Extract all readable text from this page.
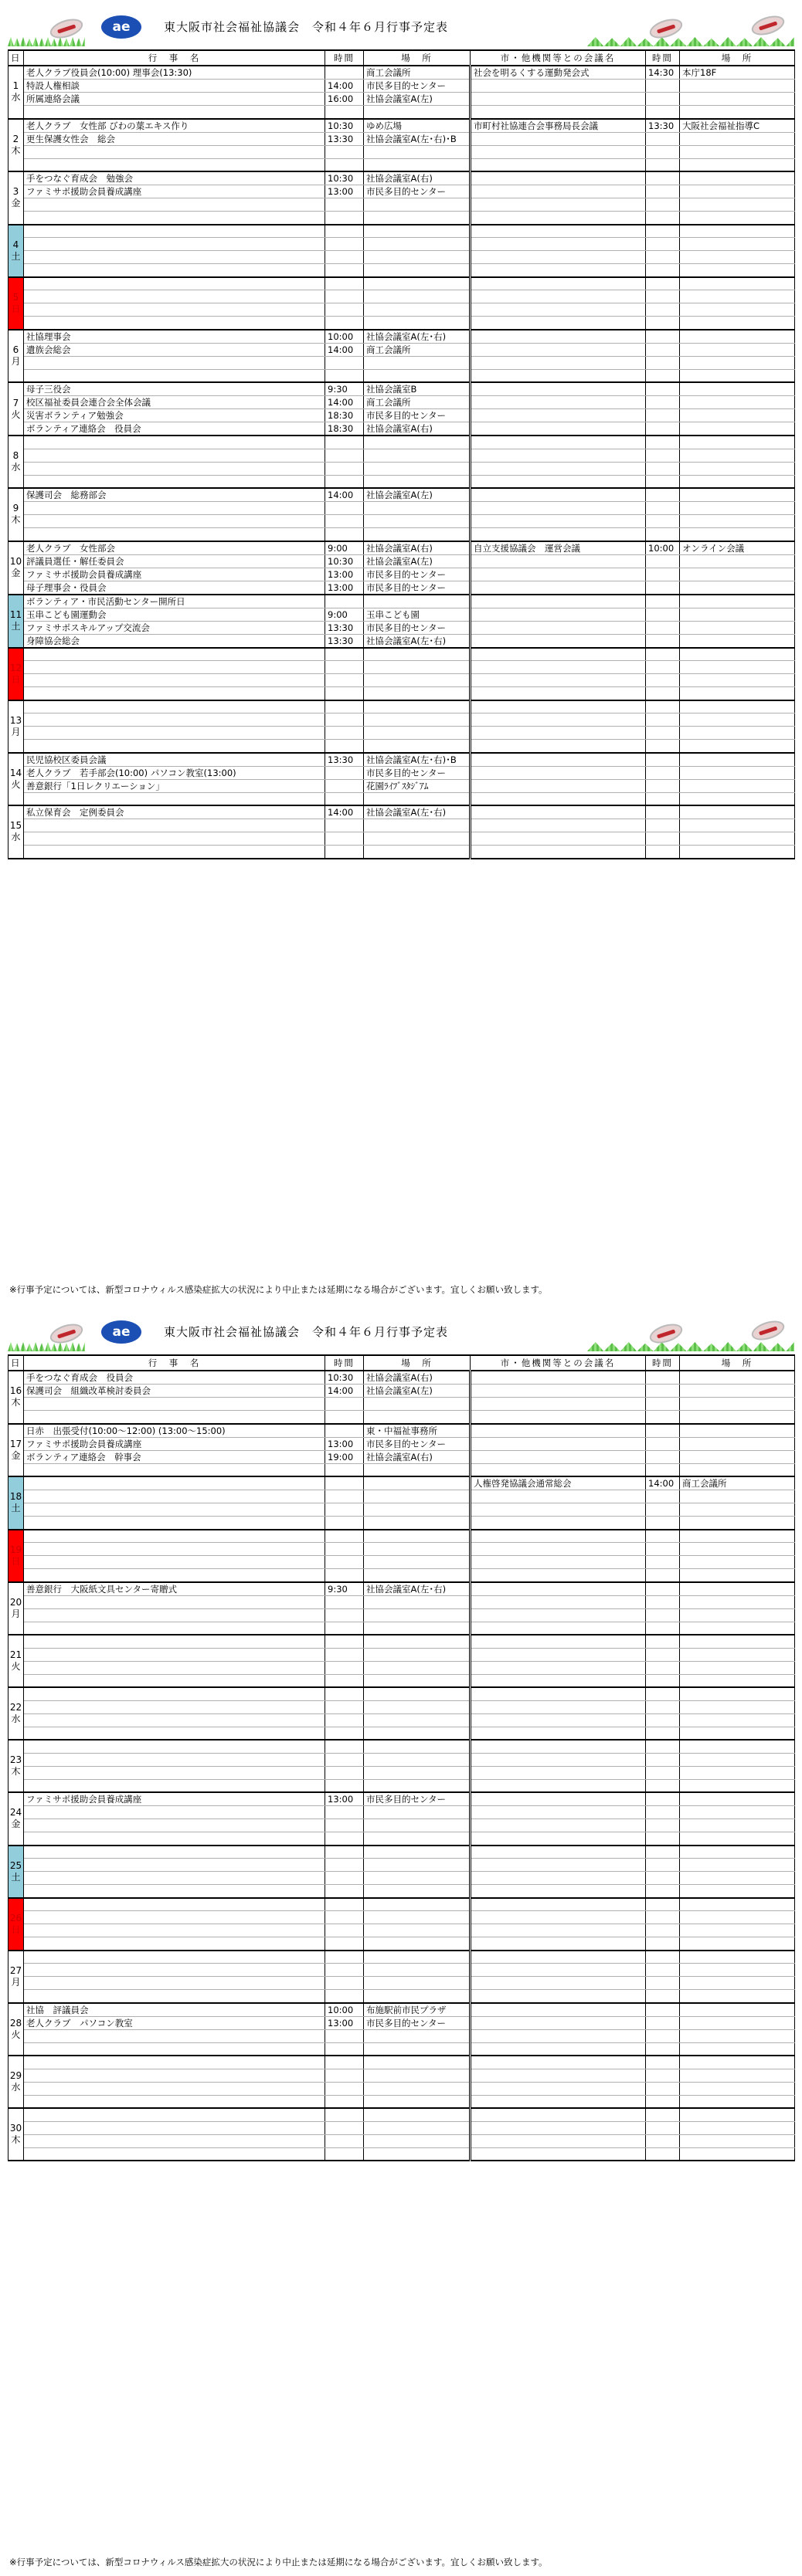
ae	東大阪市社会福祉協議会　令和４年６月行事予定表
日	行　事　名	時間	場　所	市・他機関等との会議名	時間	場　所
1
水	老人クラブ役員会(10:00) 理事会(13:30)		商工会議所	社会を明るくする運動発会式	14:30	本庁18F
	特設人権相談	14:00	市民多目的センター			
	所属連絡会議	16:00	社協会議室A(左)			

2
木	老人クラブ　女性部 びわの葉エキス作り	10:30	ゆめ広場	市町村社協連合会事務局長会議	13:30	大阪社会福祉指導C
	更生保護女性会　総会	13:30	社協会議室A(左･右)･B			

3
金	手をつなぐ育成会　勉強会	10:30	社協会議室A(右)			
	ファミサポ援助会員養成講座	13:00	市民多目的センター			

4
土						

5
日						

6
月	社協理事会	10:00	社協会議室A(左･右)			
	遺族会総会	14:00	商工会議所			

7
火	母子三役会	9:30	社協会議室B			
	校区福祉委員会連合会全体会議	14:00	商工会議所			
	災害ボランティア勉強会	18:30	市民多目的センター			
	ボランティア連絡会　役員会	18:30	社協会議室A(右)			
8
水						

9
木	保護司会　総務部会	14:00	社協会議室A(左)			

10
金	老人クラブ　女性部会	9:00	社協会議室A(右)	自立支援協議会　運営会議	10:00	オンライン会議
	評議員選任・解任委員会	10:30	社協会議室A(左)			
	ファミサポ援助会員養成講座	13:00	市民多目的センター			
	母子理事会・役員会	13:00	市民多目的センター			
11
土	ボランティア・市民活動センター開所日					
	玉串こども園運動会	9:00	玉串こども園			
	ファミサポスキルアップ交流会	13:30	市民多目的センター			
	身障協会総会	13:30	社協会議室A(左･右)			
12
日						

13
月						

14
火	民児協校区委員会議	13:30	社協会議室A(左･右)･B			
	老人クラブ　若手部会(10:00) パソコン教室(13:00)		市民多目的センター			
	善意銀行「1日レクリエーション」		花園ﾗｲﾌﾞｽﾀｼﾞｱﾑ			

15
水	私立保育会　定例委員会	14:00	社協会議室A(左･右)			

※行事予定については、新型コロナウィルス感染症拡大の状況により中止または延期になる場合がございます。宜しくお願い致します。
ae	東大阪市社会福祉協議会　令和４年６月行事予定表
日	行　事　名	時間	場　所	市・他機関等との会議名	時間	場　所
16
木	手をつなぐ育成会　役員会	10:30	社協会議室A(右)			
	保護司会　組織改革検討委員会	14:00	社協会議室A(左)			

17
金	日赤　出張受付(10:00～12:00) (13:00～15:00)		東・中福祉事務所			
	ファミサポ援助会員養成講座	13:00	市民多目的センター			
	ボランティア連絡会　幹事会	19:00	社協会議室A(右)			

18
土				人権啓発協議会通常総会	14:00	商工会議所

19
日						

20
月	善意銀行　大阪紙文具センター寄贈式	9:30	社協会議室A(左･右)			

21
火						

22
水						

23
木						

24
金	ファミサポ援助会員養成講座	13:00	市民多目的センター			

25
土						

26
日						

27
月						

28
火	社協　評議員会	10:00	布施駅前市民プラザ			
	老人クラブ　パソコン教室	13:00	市民多目的センター			

29
水						

30
木						

※行事予定については、新型コロナウィルス感染症拡大の状況により中止または延期になる場合がございます。宜しくお願い致します。
